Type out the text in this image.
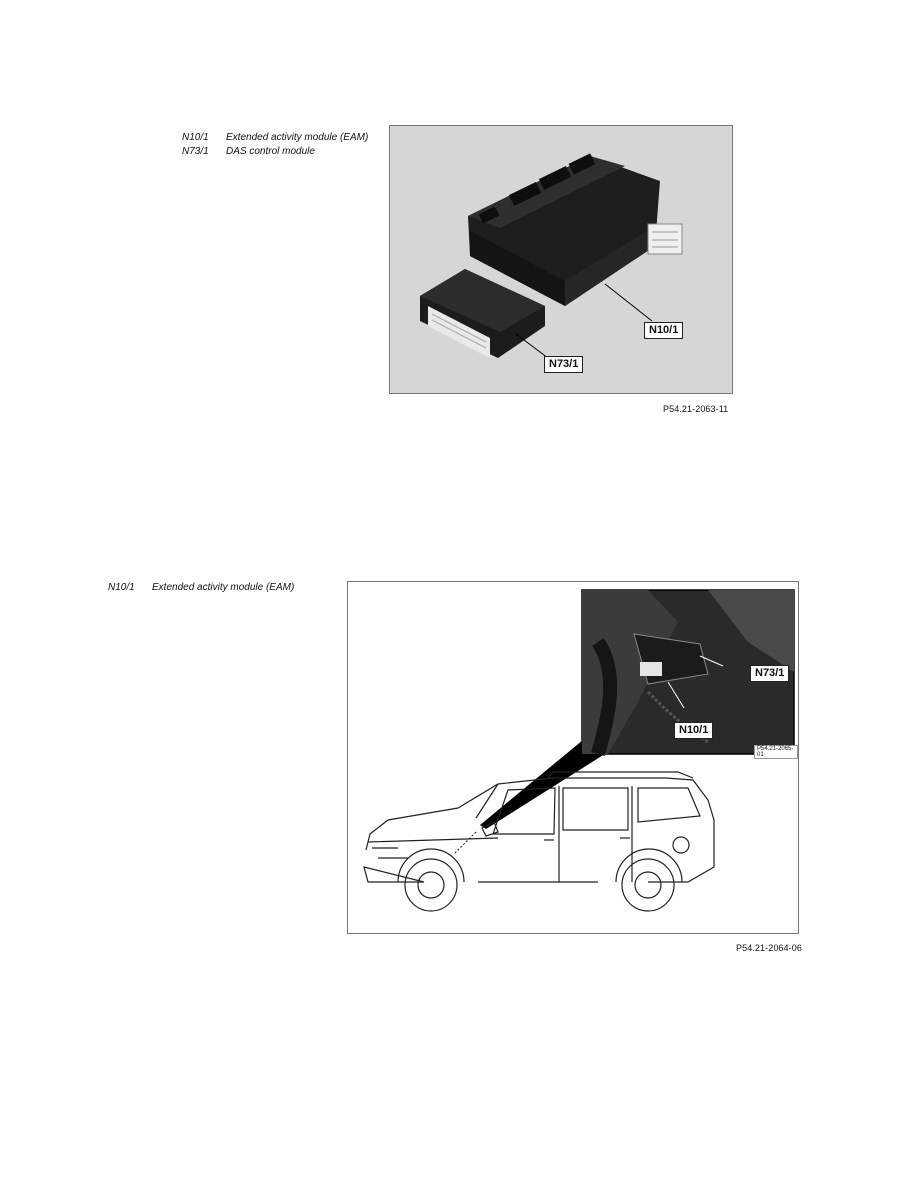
N10/1	Extended activity module (EAM)
N73/1	DAS control module
N10/1
N73/1
P54.21-2063-11
N10/1	Extended activity module (EAM)
N73/1
N10/1
P54.21-2065-01
P54.21-2064-06
